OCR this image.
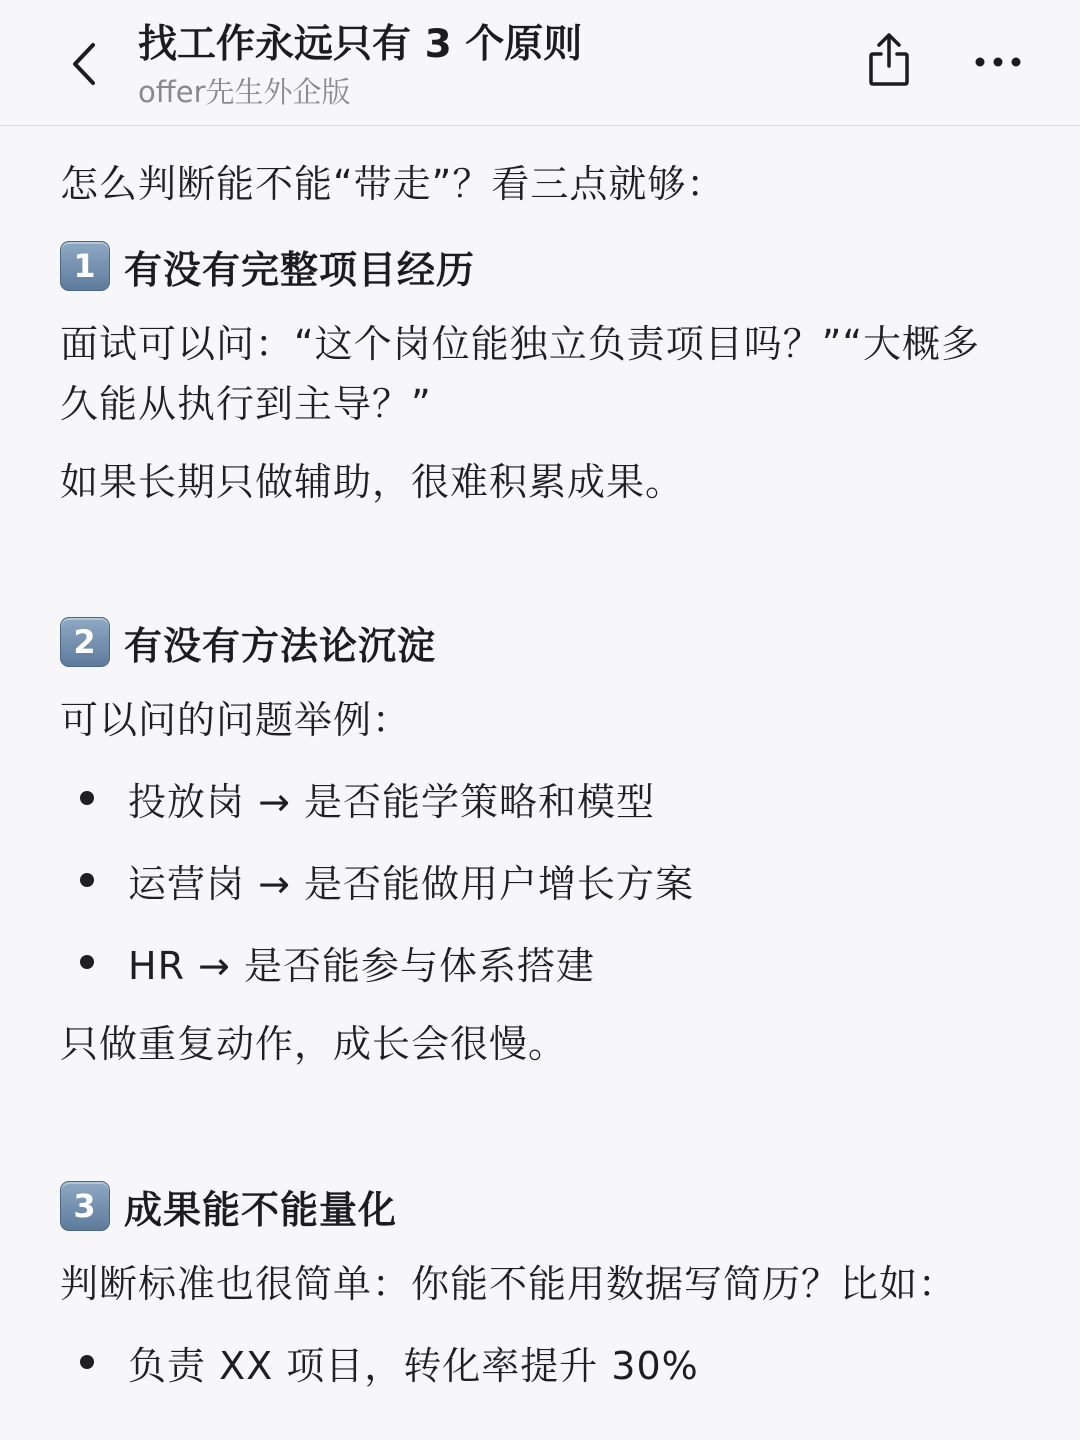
找工作永远只有 3 个原则
offer先生外企版
怎么判断能不能“带走”？看三点就够：
1 有没有完整项目经历
面试可以问：“这个岗位能独立负责项目吗？”“大概多久能从执行到主导？”
如果长期只做辅助，很难积累成果。
2 有没有方法论沉淀
可以问的问题举例：
投放岗 → 是否能学策略和模型
运营岗 → 是否能做用户增长方案
HR → 是否能参与体系搭建
只做重复动作，成长会很慢。
3 成果能不能量化
判断标准也很简单：你能不能用数据写简历？比如：
负责 XX 项目，转化率提升 30%
